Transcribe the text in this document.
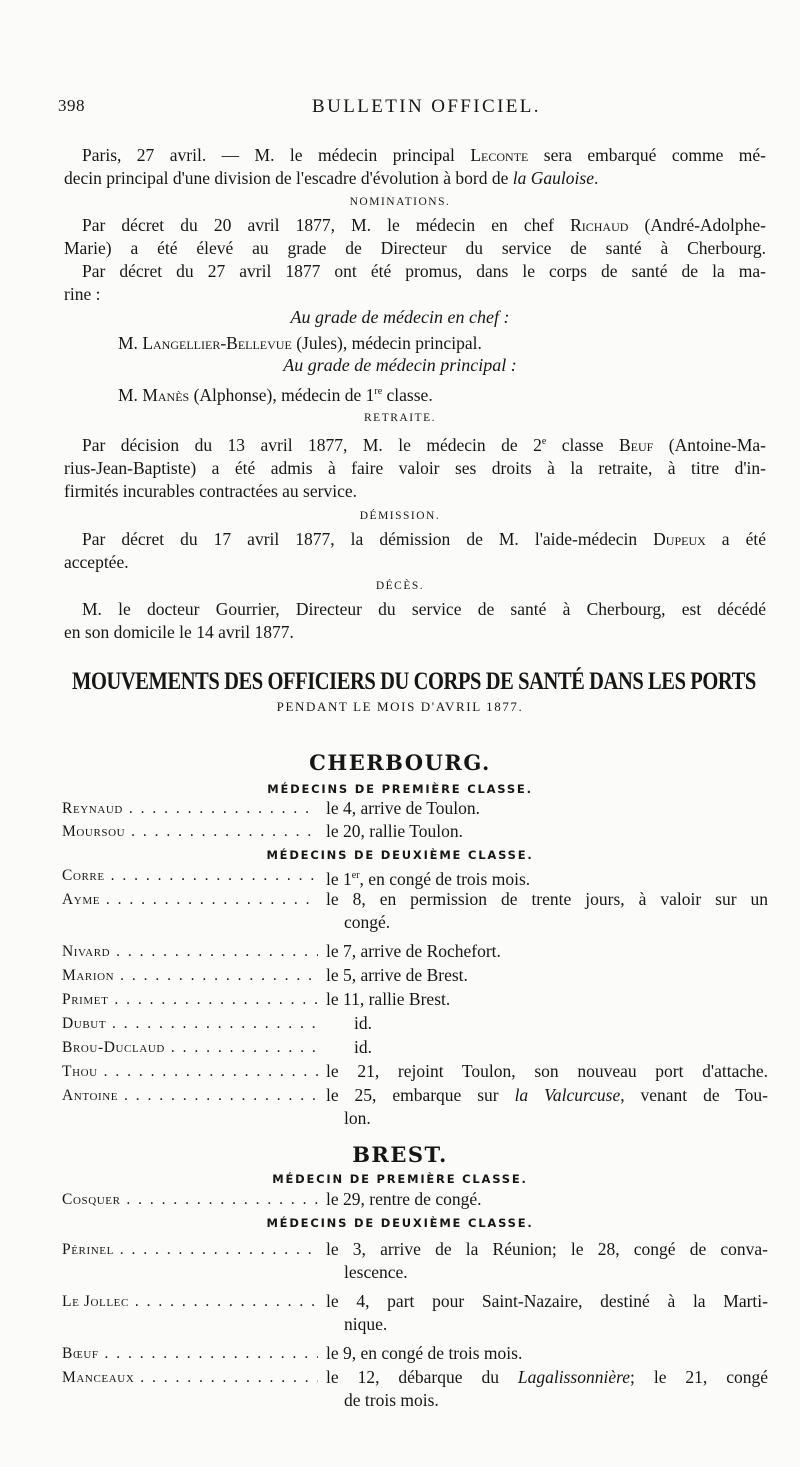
398	BULLETIN OFFICIEL.

Paris, 27 avril. — M. le médecin principal Leconte sera embarqué comme mé-

decin principal d'une division de l'escadre d'évolution à bord de la Gauloise.

NOMINATIONS.

Par décret du 20 avril 1877, M. le médecin en chef Richaud (André-Adolphe-

Marie) a été élevé au grade de Directeur du service de santé à Cherbourg.

Par décret du 27 avril 1877 ont été promus, dans le corps de santé de la ma-

rine :

Au grade de médecin en chef :

M. Langellier-Bellevue (Jules), médecin principal.

Au grade de médecin principal :

M. Manès (Alphonse), médecin de 1re classe.

RETRAITE.

Par décision du 13 avril 1877, M. le médecin de 2e classe Beuf (Antoine-Ma-

rius-Jean-Baptiste) a été admis à faire valoir ses droits à la retraite, à titre d'in-

firmités incurables contractées au service.

DÉMISSION.

Par décret du 17 avril 1877, la démission de M. l'aide-médecin Dupeux a été

acceptée.

DÉCÈS.

M. le docteur Gourrier, Directeur du service de santé à Cherbourg, est décédé

en son domicile le 14 avril 1877.

MOUVEMENTS DES OFFICIERS DU CORPS DE SANTÉ DANS LES PORTS
PENDANT LE MOIS D'AVRIL 1877.
CHERBOURG.
MÉDECINS DE PREMIÈRE CLASSE.
Reynaud . . .	le 4, arrive de Toulon.

Moursou . . .	le 20, rallie Toulon.

MÉDECINS DE DEUXIÈME CLASSE.
Corre . . .	le 1er, en congé de trois mois.

Ayme . . .	le 8, en permission de trente jours, à valoir sur un

congé.

Nivard . . .	le 7, arrive de Rochefort.

Marion . . .	le 5, arrive de Brest.

Primet . . .	le 11, rallie Brest.

Dubut . . .	id.

Brou-Duclaud . . .	id.

Thou . . .	le 21, rejoint Toulon, son nouveau port d'attache.

Antoine . . .	le 25, embarque sur la Valcurcuse, venant de Tou-

lon.

BREST.
MÉDECIN DE PREMIÈRE CLASSE.
Cosquer . . .	le 29, rentre de congé.

MÉDECINS DE DEUXIÈME CLASSE.
Périnel . . .	le 3, arrive de la Réunion; le 28, congé de conva-

lescence.

Le Jollec . . .	le 4, part pour Saint-Nazaire, destiné à la Marti-

nique.

Bœuf . . .	le 9, en congé de trois mois.

Manceaux . . .	le 12, débarque du Lagalissonnière; le 21, congé

de trois mois.
